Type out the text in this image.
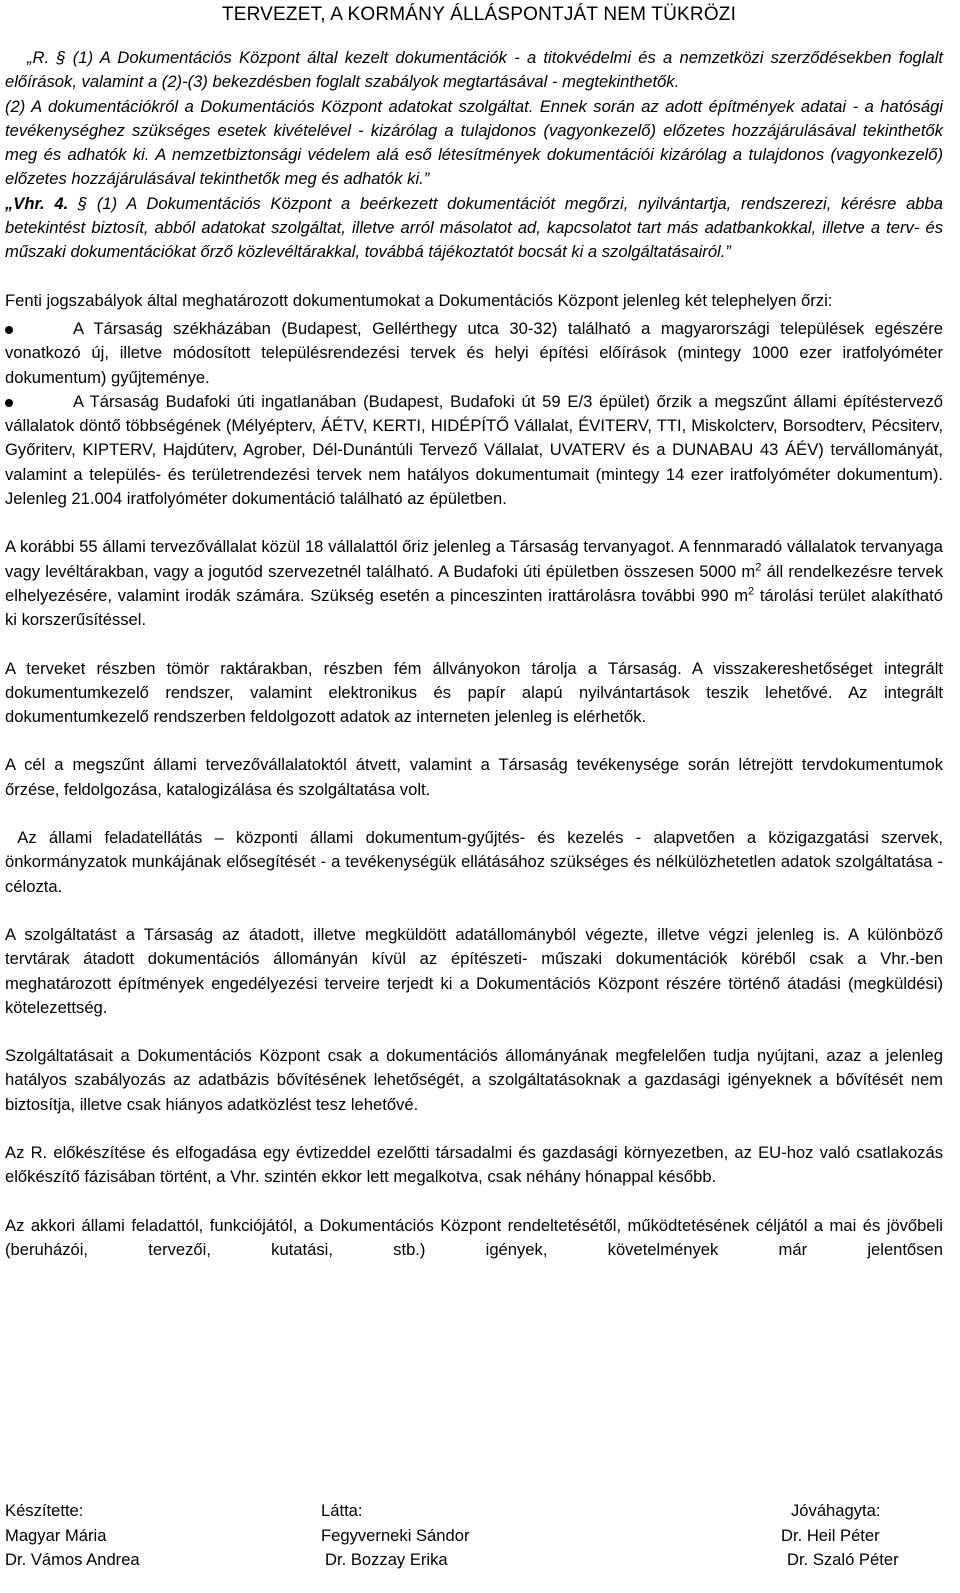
TERVEZET, A KORMÁNY ÁLLÁSPONTJÁT NEM TÜKRÖZI

„R. § (1) A Dokumentációs Központ által kezelt dokumentációk - a titokvédelmi és a nemzetközi szerződésekben foglalt előírások, valamint a (2)-(3) bekezdésben foglalt szabályok megtartásával - megtekinthetők.

(2) A dokumentációkról a Dokumentációs Központ adatokat szolgáltat. Ennek során az adott építmények adatai - a hatósági tevékenységhez szükséges esetek kivételével - kizárólag a tulajdonos (vagyonkezelő) előzetes hozzájárulásával tekinthetők meg és adhatók ki. A nemzetbiztonsági védelem alá eső létesítmények dokumentációi kizárólag a tulajdonos (vagyonkezelő) előzetes hozzájárulásával tekinthetők meg és adhatók ki.”

„Vhr. 4. § (1) A Dokumentációs Központ a beérkezett dokumentációt megőrzi, nyilvántartja, rendszerezi, kérésre abba betekintést biztosít, abból adatokat szolgáltat, illetve arról másolatot ad, kapcsolatot tart más adatbankokkal, illetve a terv- és műszaki dokumentációkat őrző közlevéltárakkal, továbbá tájékoztatót bocsát ki a szolgáltatásairól.”

Fenti jogszabályok által meghatározott dokumentumokat a Dokumentációs Központ jelenleg két telephelyen őrzi:

A Társaság székházában (Budapest, Gellérthegy utca 30-32) található a magyarországi települések egészére vonatkozó új, illetve módosított településrendezési tervek és helyi építési előírások (mintegy 1000 ezer iratfolyóméter dokumentum) gyűjteménye.
A Társaság Budafoki úti ingatlanában (Budapest, Budafoki út 59 E/3 épület) őrzik a megszűnt állami építéstervező vállalatok döntő többségének (Mélyépterv, ÁÉTV, KERTI, HIDÉPÍTŐ Vállalat, ÉVITERV, TTI, Miskolcterv, Borsodterv, Pécsiterv, Győriterv, KIPTERV, Hajdúterv, Agrober, Dél-Dunántúli Tervező Vállalat, UVATERV és a DUNABAU 43 ÁÉV) tervállományát, valamint a település- és területrendezési tervek nem hatályos dokumentumait (mintegy 14 ezer iratfolyóméter dokumentum). Jelenleg 21.004 iratfolyóméter dokumentáció található az épületben.

A korábbi 55 állami tervezővállalat közül 18 vállalattól őriz jelenleg a Társaság tervanyagot. A fennmaradó vállalatok tervanyaga vagy levéltárakban, vagy a jogutód szervezetnél található. A Budafoki úti épületben összesen 5000 $m^2$ áll rendelkezésre tervek elhelyezésére, valamint irodák számára. Szükség esetén a pinceszinten irattárolásra további 990 $m^2$ tárolási terület alakítható ki korszerűsítéssel.

A terveket részben tömör raktárakban, részben fém állványokon tárolja a Társaság. A visszakereshetőséget integrált dokumentumkezelő rendszer, valamint elektronikus és papír alapú nyilvántartások teszik lehetővé. Az integrált dokumentumkezelő rendszerben feldolgozott adatok az interneten jelenleg is elérhetők.

A cél a megszűnt állami tervezővállalatoktól átvett, valamint a Társaság tevékenysége során létrejött tervdokumentumok őrzése, feldolgozása, katalogizálása és szolgáltatása volt.

Az állami feladatellátás – központi állami dokumentum-gyűjtés- és kezelés - alapvetően a közigazgatási szervek, önkormányzatok munkájának elősegítését - a tevékenységük ellátásához szükséges és nélkülözhetetlen adatok szolgáltatása - célozta.

A szolgáltatást a Társaság az átadott, illetve megküldött adatállományból végezte, illetve végzi jelenleg is. A különböző tervtárak átadott dokumentációs állományán kívül az építészeti- műszaki dokumentációk köréből csak a Vhr.-ben meghatározott építmények engedélyezési terveire terjedt ki a Dokumentációs Központ részére történő átadási (megküldési) kötelezettség.

Szolgáltatásait a Dokumentációs Központ csak a dokumentációs állományának megfelelően tudja nyújtani, azaz a jelenleg hatályos szabályozás az adatbázis bővítésének lehetőségét, a szolgáltatásoknak a gazdasági igényeknek a bővítését nem biztosítja, illetve csak hiányos adatközlést tesz lehetővé.

Az R. előkészítése és elfogadása egy évtizeddel ezelőtti társadalmi és gazdasági környezetben, az EU-hoz való csatlakozás előkészítő fázisában történt, a Vhr. szintén ekkor lett megalkotva, csak néhány hónappal később.

Az akkori állami feladattól, funkciójától, a Dokumentációs Központ rendeltetésétől, működtetésének céljától a mai és jövőbeli (beruházói, tervezői, kutatási, stb.) igények, követelmények már jelentősen

Készítette:
Magyar Mária
Dr. Vámos Andrea
Látta:
Fegyverneki Sándor
Dr. Bozzay Erika
Jóváhagyta:
Dr. Heil Péter
Dr. Szaló Péter
